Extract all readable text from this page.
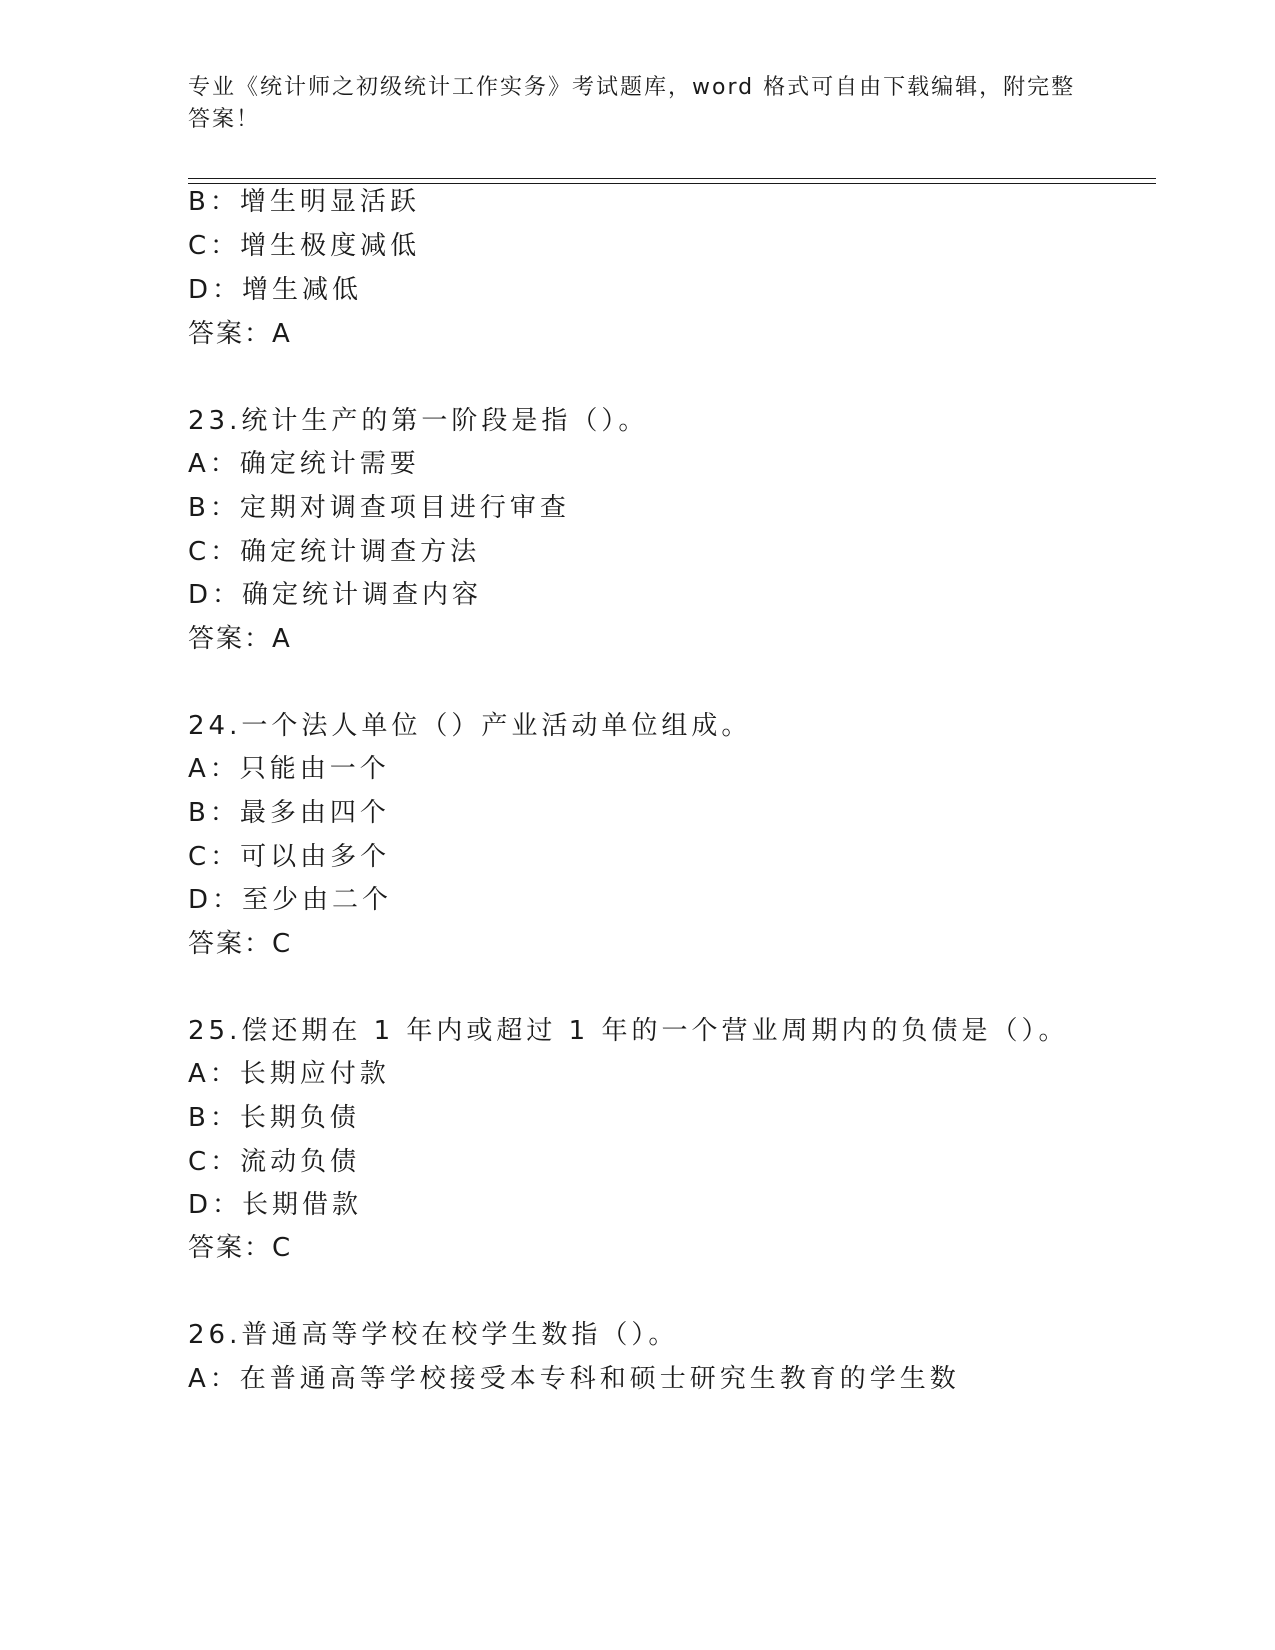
专业《统计师之初级统计工作实务》考试题库，word 格式可自由下载编辑，附完整答案！

B：增生明显活跃

C：增生极度减低

D：增生减低

答案：A

23.统计生产的第一阶段是指（）。

A：确定统计需要

B：定期对调查项目进行审查

C：确定统计调查方法

D：确定统计调查内容

答案：A

24.一个法人单位（）产业活动单位组成。

A：只能由一个

B：最多由四个

C：可以由多个

D：至少由二个

答案：C

25.偿还期在 1 年内或超过 1 年的一个营业周期内的负债是（）。

A：长期应付款

B：长期负债

C：流动负债

D：长期借款

答案：C

26.普通高等学校在校学生数指（）。

A：在普通高等学校接受本专科和硕士研究生教育的学生数
